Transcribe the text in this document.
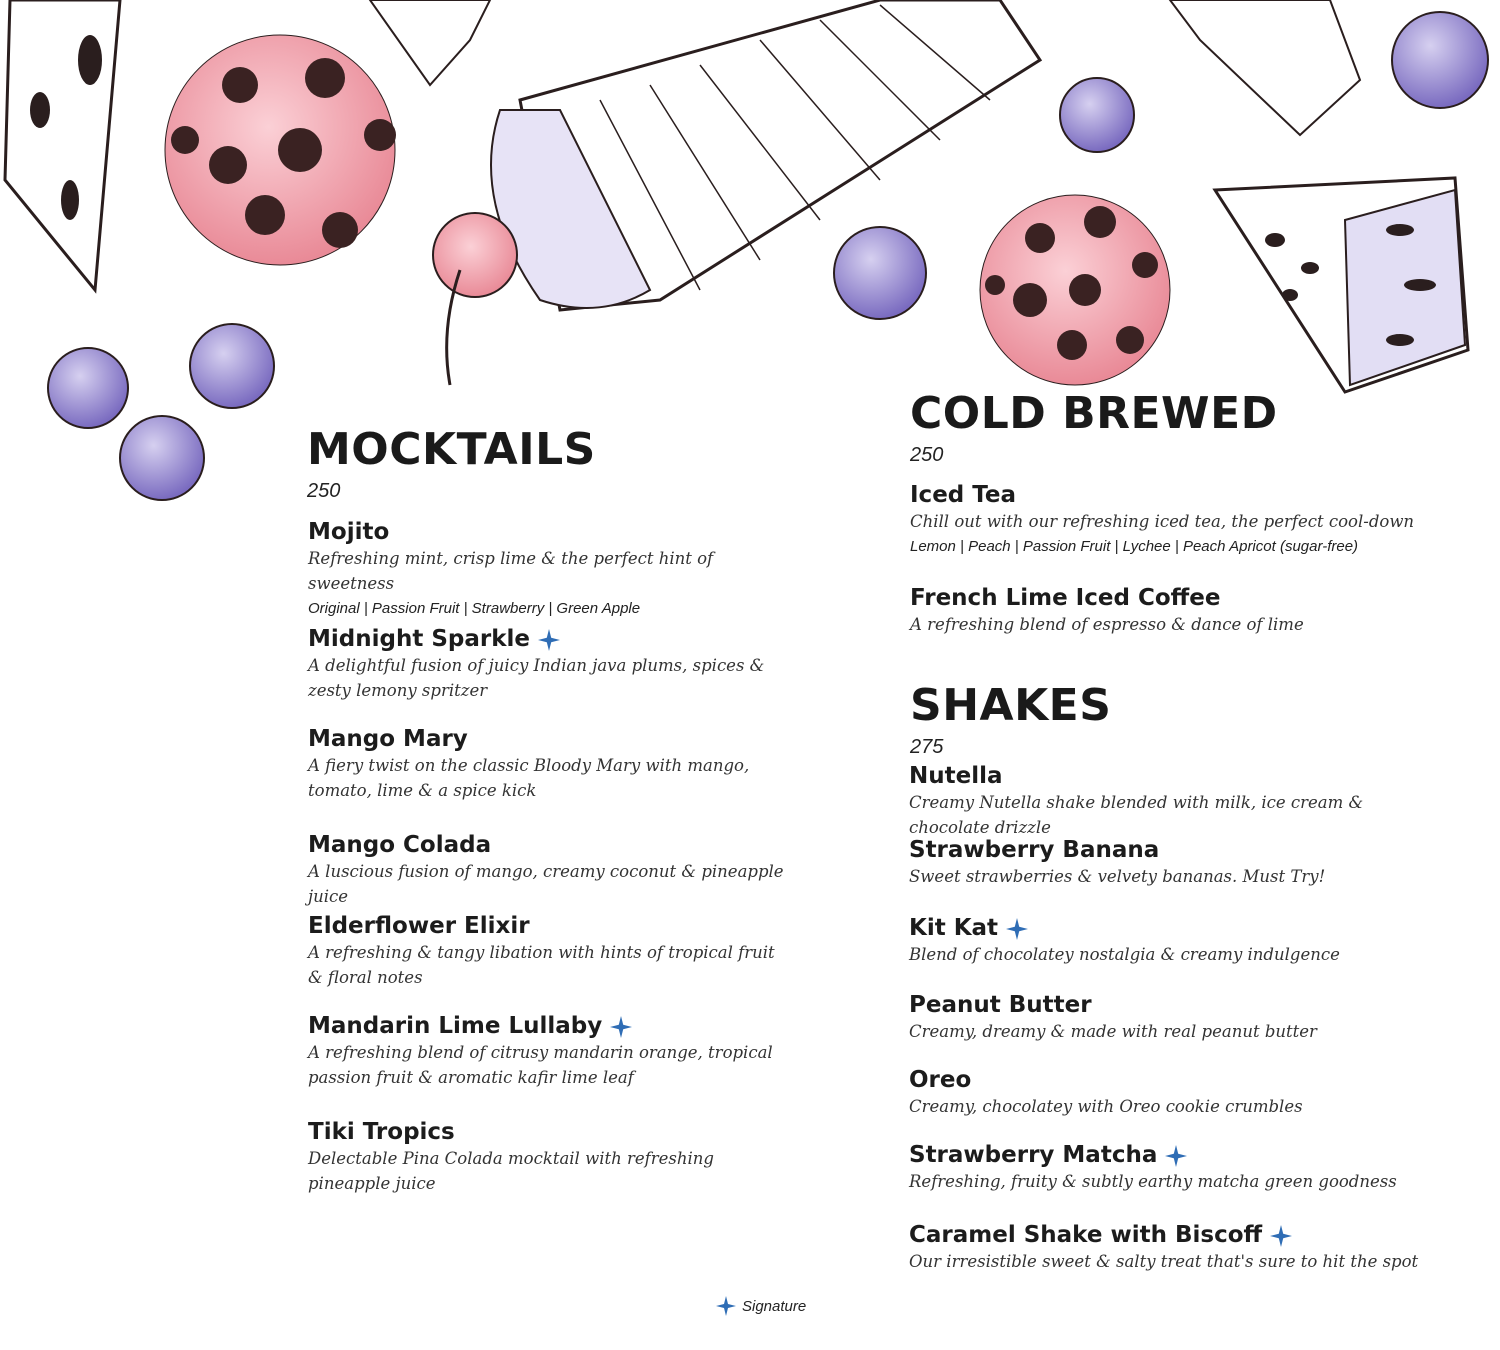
MOCKTAILS
250
Mojito
Refreshing mint, crisp lime & the perfect hint of sweetness
Original | Passion Fruit | Strawberry | Green Apple
Midnight Sparkle
A delightful fusion of juicy Indian java plums, spices & zesty lemony spritzer
Mango Mary
A fiery twist on the classic Bloody Mary with mango, tomato, lime & a spice kick
Mango Colada
A luscious fusion of mango, creamy coconut & pineapple juice
Elderflower Elixir
A refreshing & tangy libation with hints of tropical fruit & floral notes
Mandarin Lime Lullaby
A refreshing blend of citrusy mandarin orange, tropical passion fruit & aromatic kafir lime leaf
Tiki Tropics
Delectable Pina Colada mocktail with refreshing pineapple juice
COLD BREWED
250
Iced Tea
Chill out with our refreshing iced tea, the perfect cool-down
Lemon | Peach | Passion Fruit | Lychee | Peach Apricot (sugar-free)
French Lime Iced Coffee
A refreshing blend of espresso & dance of lime
SHAKES
275
Nutella
Creamy Nutella shake blended with milk, ice cream & chocolate drizzle
Strawberry Banana
Sweet strawberries & velvety bananas. Must Try!
Kit Kat
Blend of chocolatey nostalgia & creamy indulgence
Peanut Butter
Creamy, dreamy & made with real peanut butter
Oreo
Creamy, chocolatey with Oreo cookie crumbles
Strawberry Matcha
Refreshing, fruity & subtly earthy matcha green goodness
Caramel Shake with Biscoff
Our irresistible sweet & salty treat that's sure to hit the spot
Signature
